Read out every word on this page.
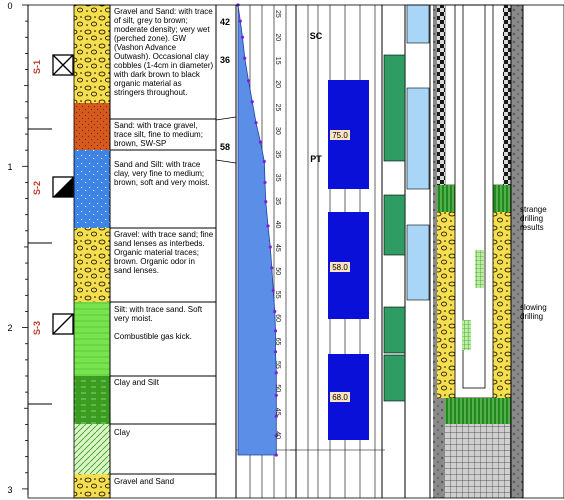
0
1
2
3
S-1
S-2
S-3
42
36
58
25
20
15
20
25
30
35
35
35
40
45
50
55
60
65
55
50
45
40
SC
PT
75.0
58.0
68.0
Gravel and Sand: with trace of silt, grey to brown; moderate density; very wet (perched zone). GW (Vashon Advance Outwash). Occasional clay cobbles (1-4cm in diameter) with dark brown to black organic material as stringers throughout.
Sand: with trace gravel, trace silt, fine to medium; brown, SW-SP
Sand and Silt: with trace clay, very fine to medium; brown, soft and very moist.
Gravel: with trace sand; fine sand lenses as interbeds. Organic material traces; brown. Organic odor in sand lenses.
Silt: with trace sand. Soft very moist.

Combustible gas kick.
Clay and Silt
Clay
Gravel and Sand
strange drilling results
slowing drilling
